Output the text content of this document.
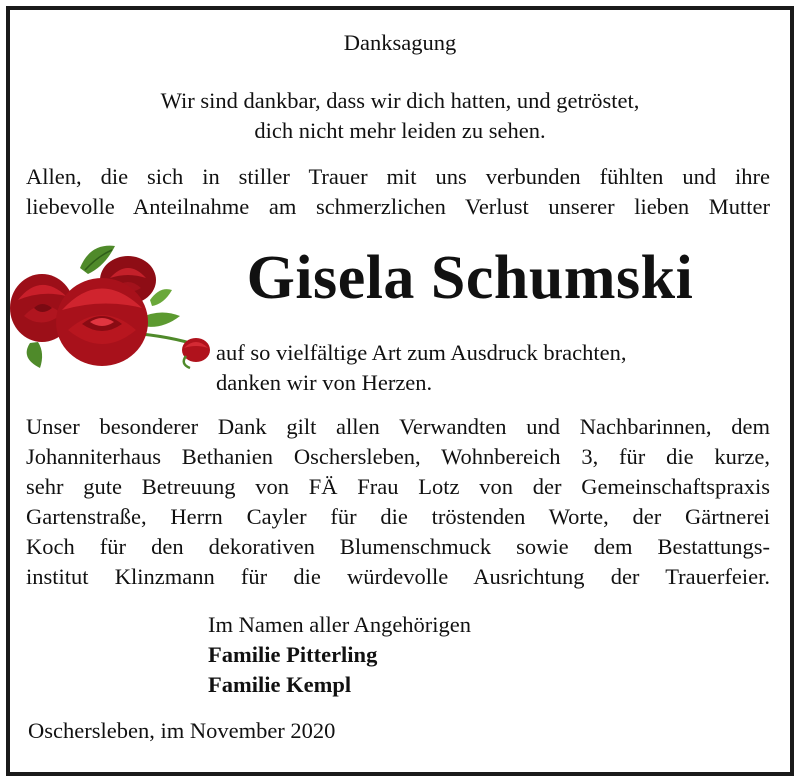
Danksagung
Wir sind dankbar, dass wir dich hatten, und getröstet,
dich nicht mehr leiden zu sehen.
Allen, die sich in stiller Trauer mit uns verbunden fühlten und ihre
liebevolle Anteilnahme am schmerzlichen Verlust unserer lieben Mutter
Gisela Schumski
auf so vielfältige Art zum Ausdruck brachten,
danken wir von Herzen.
Unser besonderer Dank gilt allen Verwandten und Nachbarinnen, dem
Johanniterhaus Bethanien Oschersleben, Wohnbereich 3, für die kurze,
sehr gute Betreuung von FÄ Frau Lotz von der Gemeinschaftspraxis
Gartenstraße, Herrn Cayler für die tröstenden Worte, der Gärtnerei
Koch für den dekorativen Blumenschmuck sowie dem Bestattungs-
institut Klinzmann für die würdevolle Ausrichtung der Trauerfeier.
Im Namen aller Angehörigen
Familie Pitterling
Familie Kempl
Oschersleben, im November 2020
